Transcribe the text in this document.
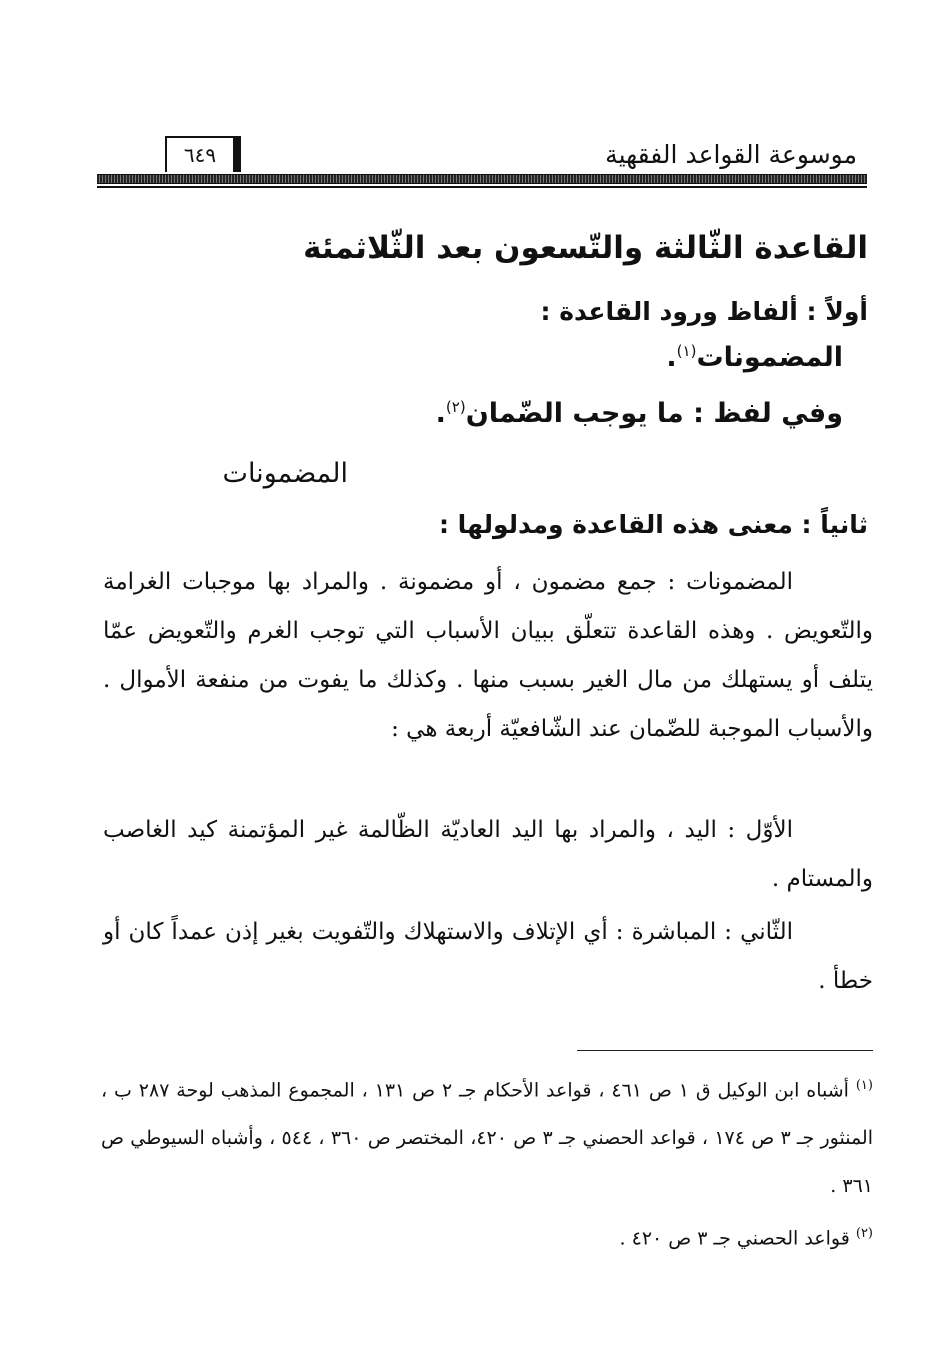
موسوعة القواعد الفقهية
٦٤٩
القاعدة الثّالثة والتّسعون بعد الثّلاثمئة
أولاً : ألفاظ ورود القاعدة :
المضمونات$^{(١)}$.
وفي لفظ : ما يوجب الضّمان$^{(٢)}$.
المضمونات
ثانياً : معنى هذه القاعدة ومدلولها :

المضمونات : جمع مضمون ، أو مضمونة . والمراد بها موجبات الغرامة والتّعويض . وهذه القاعدة تتعلّق ببيان الأسباب التي توجب الغرم والتّعويض عمّا يتلف أو يستهلك من مال الغير بسبب منها . وكذلك ما يفوت من منفعة الأموال . والأسباب الموجبة للضّمان عند الشّافعيّة أربعة هي :

الأوّل : اليد ، والمراد بها اليد العاديّة الظّالمة غير المؤتمنة كيد الغاصب والمستام .

الثّاني : المباشرة : أي الإتلاف والاستهلاك والتّفويت بغير إذن عمداً كان أو خطأ .

$^{(١)}$ أشباه ابن الوكيل ق ١ ص ٤٦١ ، قواعد الأحكام جـ ٢ ص ١٣١ ، المجموع المذهب لوحة ٢٨٧ ب ، المنثور جـ ٣ ص ١٧٤ ، قواعد الحصني جـ ٣ ص ٤٢٠، المختصر ص ٣٦٠ ، ٥٤٤ ، وأشباه السيوطي ص ٣٦١ .

$^{(٢)}$ قواعد الحصني جـ ٣ ص ٤٢٠ .
